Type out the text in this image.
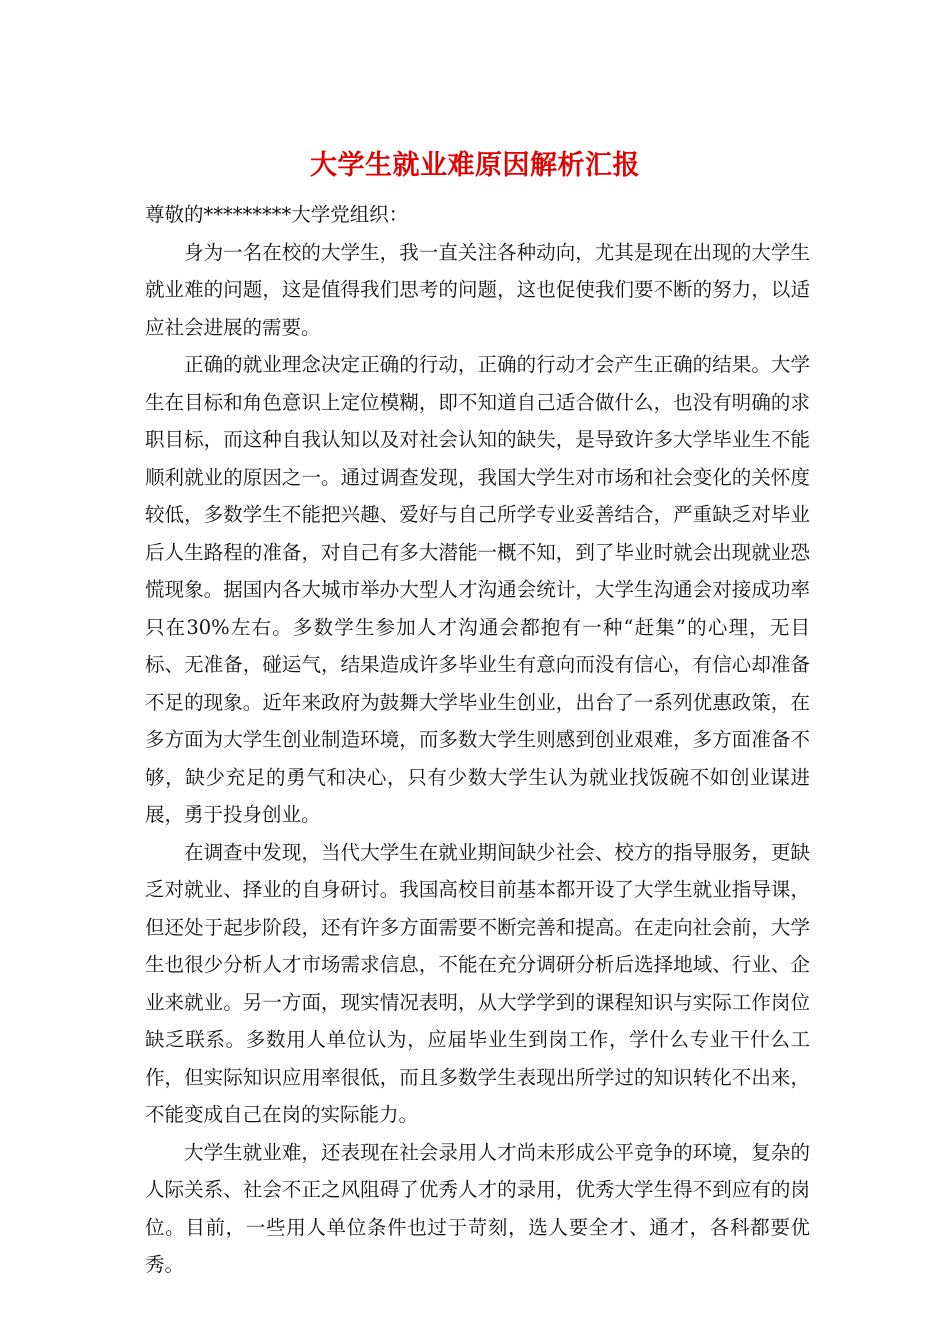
大学生就业难原因解析汇报

尊敬的*********大学党组织：

身为一名在校的大学生，我一直关注各种动向，尤其是现在出现的大学生就业难的问题，这是值得我们思考的问题，这也促使我们要不断的努力，以适应社会进展的需要。

正确的就业理念决定正确的行动，正确的行动才会产生正确的结果。大学生在目标和角色意识上定位模糊，即不知道自己适合做什么，也没有明确的求职目标，而这种自我认知以及对社会认知的缺失，是导致许多大学毕业生不能顺利就业的原因之一。通过调查发现，我国大学生对市场和社会变化的关怀度较低，多数学生不能把兴趣、爱好与自己所学专业妥善结合，严重缺乏对毕业后人生路程的准备，对自己有多大潜能一概不知，到了毕业时就会出现就业恐慌现象。据国内各大城市举办大型人才沟通会统计，大学生沟通会对接成功率只在30%左右。多数学生参加人才沟通会都抱有一种“赶集”的心理，无目标、无准备，碰运气，结果造成许多毕业生有意向而没有信心，有信心却准备不足的现象。近年来政府为鼓舞大学毕业生创业，出台了一系列优惠政策，在多方面为大学生创业制造环境，而多数大学生则感到创业艰难，多方面准备不够，缺少充足的勇气和决心，只有少数大学生认为就业找饭碗不如创业谋进展，勇于投身创业。

在调查中发现，当代大学生在就业期间缺少社会、校方的指导服务，更缺乏对就业、择业的自身研讨。我国高校目前基本都开设了大学生就业指导课，但还处于起步阶段，还有许多方面需要不断完善和提高。在走向社会前，大学生也很少分析人才市场需求信息，不能在充分调研分析后选择地域、行业、企业来就业。另一方面，现实情况表明，从大学学到的课程知识与实际工作岗位缺乏联系。多数用人单位认为，应届毕业生到岗工作，学什么专业干什么工作，但实际知识应用率很低，而且多数学生表现出所学过的知识转化不出来，不能变成自己在岗的实际能力。

大学生就业难，还表现在社会录用人才尚未形成公平竞争的环境，复杂的人际关系、社会不正之风阻碍了优秀人才的录用，优秀大学生得不到应有的岗位。目前，一些用人单位条件也过于苛刻，选人要全才、通才，各科都要优秀。
